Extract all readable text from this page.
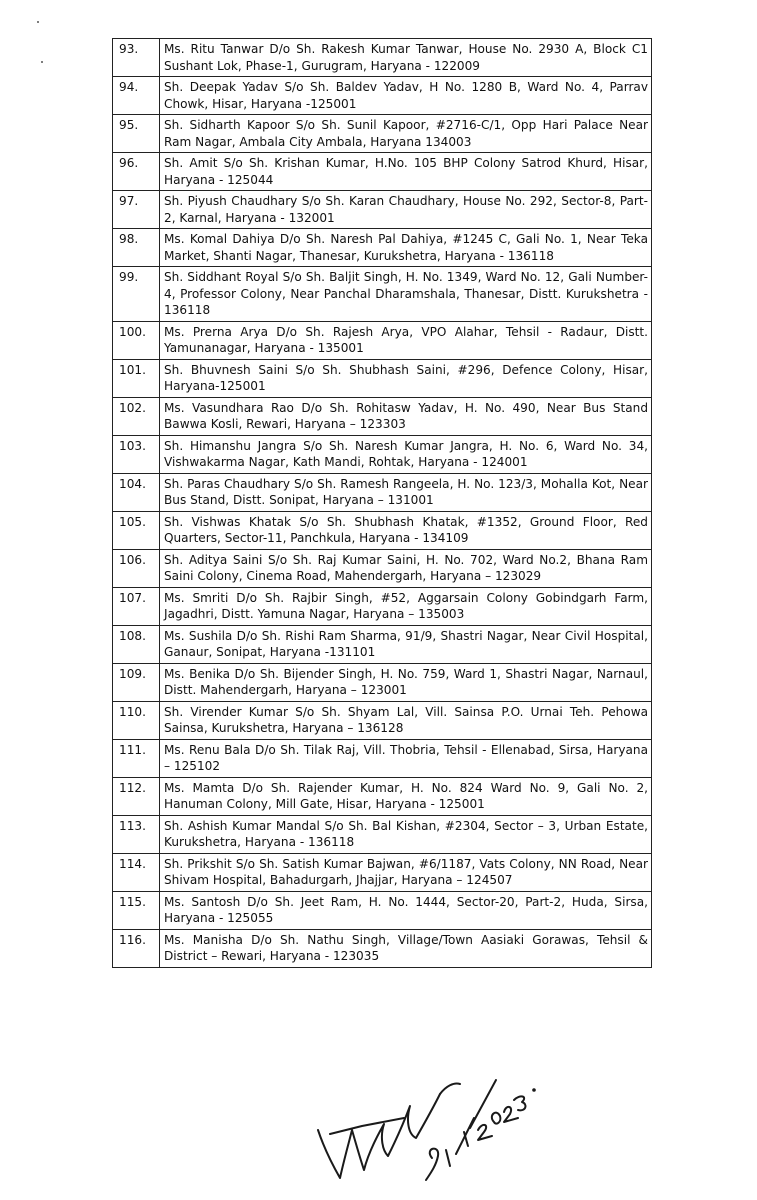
93.	Ms. Ritu Tanwar D/o Sh. Rakesh Kumar Tanwar, House No. 2930 A, Block C1 Sushant Lok, Phase-1, Gurugram, Haryana - 122009
94.	Sh. Deepak Yadav S/o Sh. Baldev Yadav, H No. 1280 B, Ward No. 4, Parrav Chowk, Hisar, Haryana -125001
95.	Sh. Sidharth Kapoor S/o Sh. Sunil Kapoor, #2716-C/1, Opp Hari Palace Near Ram Nagar, Ambala City Ambala, Haryana 134003
96.	Sh. Amit S/o Sh. Krishan Kumar, H.No. 105 BHP Colony Satrod Khurd, Hisar, Haryana - 125044
97.	Sh. Piyush Chaudhary S/o Sh. Karan Chaudhary, House No. 292, Sector-8, Part-2, Karnal, Haryana - 132001
98.	Ms. Komal Dahiya D/o Sh. Naresh Pal Dahiya, #1245 C, Gali No. 1, Near Teka Market, Shanti Nagar, Thanesar, Kurukshetra, Haryana - 136118
99.	Sh. Siddhant Royal S/o Sh. Baljit Singh, H. No. 1349, Ward No. 12, Gali Number- 4, Professor Colony, Near Panchal Dharamshala, Thanesar, Distt. Kurukshetra - 136118
100.	Ms. Prerna Arya D/o Sh. Rajesh Arya, VPO Alahar, Tehsil - Radaur, Distt. Yamunanagar, Haryana - 135001
101.	Sh. Bhuvnesh Saini S/o Sh. Shubhash Saini, #296, Defence Colony, Hisar, Haryana-125001
102.	Ms. Vasundhara Rao D/o Sh. Rohitasw Yadav, H. No. 490, Near Bus Stand Bawwa Kosli, Rewari, Haryana – 123303
103.	Sh. Himanshu Jangra S/o Sh. Naresh Kumar Jangra, H. No. 6, Ward No. 34, Vishwakarma Nagar, Kath Mandi, Rohtak, Haryana - 124001
104.	Sh. Paras Chaudhary S/o Sh. Ramesh Rangeela, H. No. 123/3, Mohalla Kot, Near Bus Stand, Distt. Sonipat, Haryana – 131001
105.	Sh. Vishwas Khatak S/o Sh. Shubhash Khatak, #1352, Ground Floor, Red Quarters, Sector-11, Panchkula, Haryana - 134109
106.	Sh. Aditya Saini S/o Sh. Raj Kumar Saini, H. No. 702, Ward No.2, Bhana Ram Saini Colony, Cinema Road, Mahendergarh, Haryana – 123029
107.	Ms. Smriti D/o Sh. Rajbir Singh, #52, Aggarsain Colony Gobindgarh Farm, Jagadhri, Distt. Yamuna Nagar, Haryana – 135003
108.	Ms. Sushila D/o Sh. Rishi Ram Sharma, 91/9, Shastri Nagar, Near Civil Hospital, Ganaur, Sonipat, Haryana -131101
109.	Ms. Benika D/o Sh. Bijender Singh, H. No. 759, Ward 1, Shastri Nagar, Narnaul, Distt. Mahendergarh, Haryana – 123001
110.	Sh. Virender Kumar S/o Sh. Shyam Lal, Vill. Sainsa P.O. Urnai Teh. Pehowa Sainsa, Kurukshetra, Haryana – 136128
111.	Ms. Renu Bala D/o Sh. Tilak Raj, Vill. Thobria, Tehsil - Ellenabad, Sirsa, Haryana – 125102
112.	Ms. Mamta D/o Sh. Rajender Kumar, H. No. 824 Ward No. 9, Gali No. 2, Hanuman Colony, Mill Gate, Hisar, Haryana - 125001
113.	Sh. Ashish Kumar Mandal S/o Sh. Bal Kishan, #2304, Sector – 3, Urban Estate, Kurukshetra, Haryana - 136118
114.	Sh. Prikshit S/o Sh. Satish Kumar Bajwan, #6/1187, Vats Colony, NN Road, Near Shivam Hospital, Bahadurgarh, Jhajjar, Haryana – 124507
115.	Ms. Santosh D/o Sh. Jeet Ram, H. No. 1444, Sector-20, Part-2, Huda, Sirsa, Haryana - 125055
116.	Ms. Manisha D/o Sh. Nathu Singh, Village/Town Aasiaki Gorawas, Tehsil & District – Rewari, Haryana - 123035
9/1/2023
